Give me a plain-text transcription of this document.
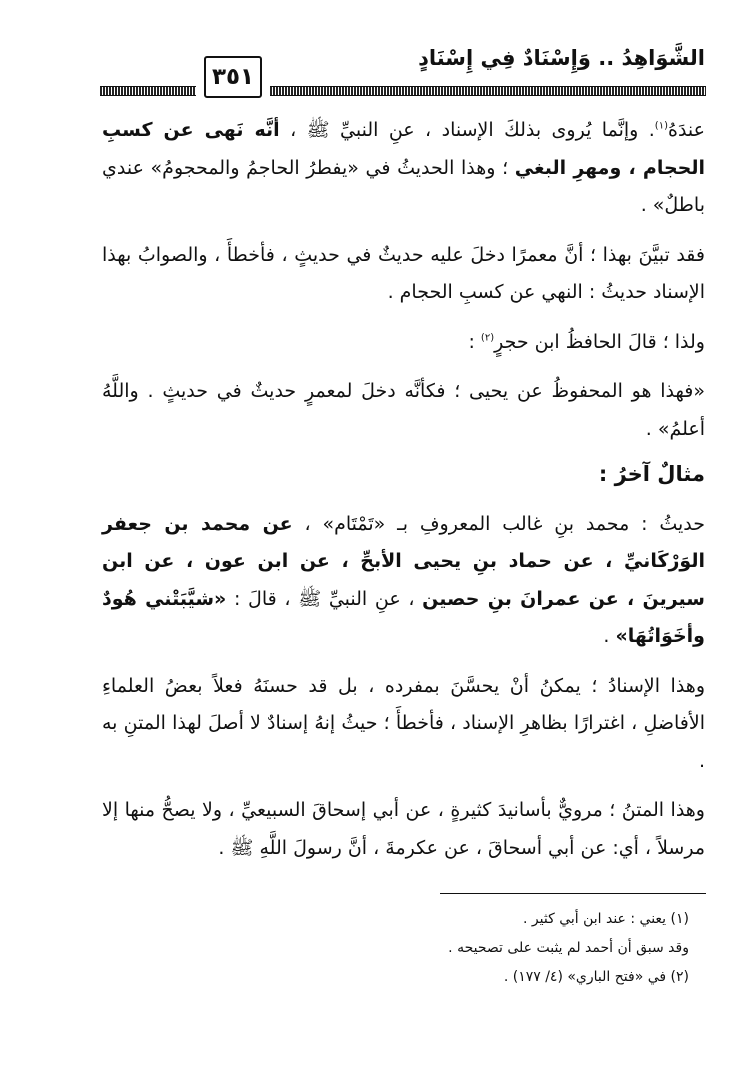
الشَّوَاهِدُ .. وَإِسْنَادٌ فِي إِسْنَادٍ
٣٥١

عندَهُ$^{(١)}$. وإنَّما يُروى بذلكَ الإسناد ، عنِ النبيِّ ﷺ ، أنَّه نَهى عن كسبِ الحجام ، ومهرِ البغي ؛ وهذا الحديثُ في «يفطرُ الحاجمُ والمحجومُ» عندي باطلٌ» .

فقد تبيَّنَ بهذا ؛ أنَّ معمرًا دخلَ عليه حديثٌ في حديثٍ ، فأخطأَ ، والصوابُ بهذا الإسناد حديثُ : النهي عن كسبِ الحجام .

ولذا ؛ قالَ الحافظُ ابن حجرٍ$^{(٢)}$ :

«فهذا هو المحفوظُ عن يحيى ؛ فكأنَّه دخلَ لمعمرٍ حديثٌ في حديثٍ . واللَّهُ أعلمُ» .

مثالٌ آخرُ :

حديثُ : محمد بنِ غالب المعروفِ بـ «تَمْتَام» ، عن محمد بن جعفر الوَرْكَانيِّ ، عن حماد بنِ يحيى الأبحِّ ، عن ابن عون ، عن ابن سيرينَ ، عن عمرانَ بنِ حصين ، عنِ النبيِّ ﷺ ، قالَ : «شيَّبَتْني هُودٌ وأخَوَاتُهَا» .

وهذا الإسنادُ ؛ يمكنُ أنْ يحسَّنَ بمفرده ، بل قد حسنَهُ فعلاً بعضُ العلماءِ الأفاضلِ ، اغترارًا بظاهرِ الإسناد ، فأخطأَ ؛ حيثُ إنهُ إسنادٌ لا أصلَ لهذا المتنِ به .

وهذا المتنُ ؛ مرويٌّ بأسانيدَ كثيرةٍ ، عن أبي إسحاقَ السبيعيِّ ، ولا يصحُّ منها إلا مرسلاً ، أي: عن أبي أسحاقَ ، عن عكرمةَ ، أنَّ رسولَ اللَّهِ ﷺ .

(١) يعني : عند ابن أبي كثير .
وقد سبق أن أحمد لم يثبت على تصحيحه .
(٢) في «فتح الباري» (٤/ ١٧٧) .
